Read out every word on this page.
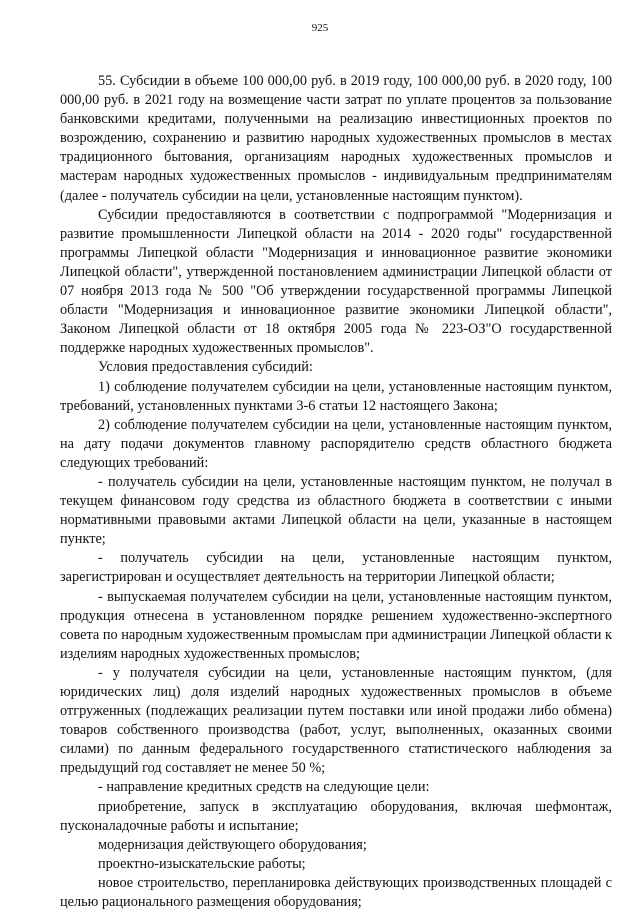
925

55. Субсидии в объеме 100 000,00 руб. в 2019 году, 100 000,00 руб. в 2020 году, 100 000,00 руб. в 2021 году на возмещение части затрат по уплате процентов за пользование банковскими кредитами, полученными на реализацию инвестиционных проектов по возрождению, сохранению и развитию народных художественных промыслов в местах традиционного бытования, организациям народных художественных промыслов и мастерам народных художественных промыслов - индивидуальным предпринимателям (далее - получатель субсидии на цели, установленные настоящим пунктом).

Субсидии предоставляются в соответствии с подпрограммой "Модернизация и развитие промышленности Липецкой области на 2014 - 2020 годы" государственной программы Липецкой области "Модернизация и инновационное развитие экономики Липецкой области", утвержденной постановлением администрации Липецкой области от 07 ноября 2013 года № 500 "Об утверждении государственной программы Липецкой области "Модернизация и инновационное развитие экономики Липецкой области", Законом Липецкой области от 18 октября 2005 года № 223-ОЗ"О государственной поддержке народных художественных промыслов".

Условия предоставления субсидий:

1) соблюдение получателем субсидии на цели, установленные настоящим пунктом, требований, установленных пунктами 3-6 статьи 12 настоящего Закона;

2) соблюдение получателем субсидии на цели, установленные настоящим пунктом, на дату подачи документов главному распорядителю средств областного бюджета следующих требований:

- получатель субсидии на цели, установленные настоящим пунктом, не получал в текущем финансовом году средства из областного бюджета в соответствии с иными нормативными правовыми актами Липецкой области на цели, указанные в настоящем пункте;

- получатель субсидии на цели, установленные настоящим пунктом, зарегистрирован и осуществляет деятельность на территории Липецкой области;

- выпускаемая получателем субсидии на цели, установленные настоящим пунктом, продукция отнесена в установленном порядке решением художественно-экспертного совета по народным художественным промыслам при администрации Липецкой области к изделиям народных художественных промыслов;

- у получателя субсидии на цели, установленные настоящим пунктом, (для юридических лиц) доля изделий народных художественных промыслов в объеме отгруженных (подлежащих реализации путем поставки или иной продажи либо обмена) товаров собственного производства (работ, услуг, выполненных, оказанных своими силами) по данным федерального государственного статистического наблюдения за предыдущий год составляет не менее 50 %;

- направление кредитных средств на следующие цели:

приобретение, запуск в эксплуатацию оборудования, включая шефмонтаж, пусконаладочные работы и испытание;

модернизация действующего оборудования;

проектно-изыскательские работы;

новое строительство, перепланировка действующих производственных площадей с целью рационального размещения оборудования;
